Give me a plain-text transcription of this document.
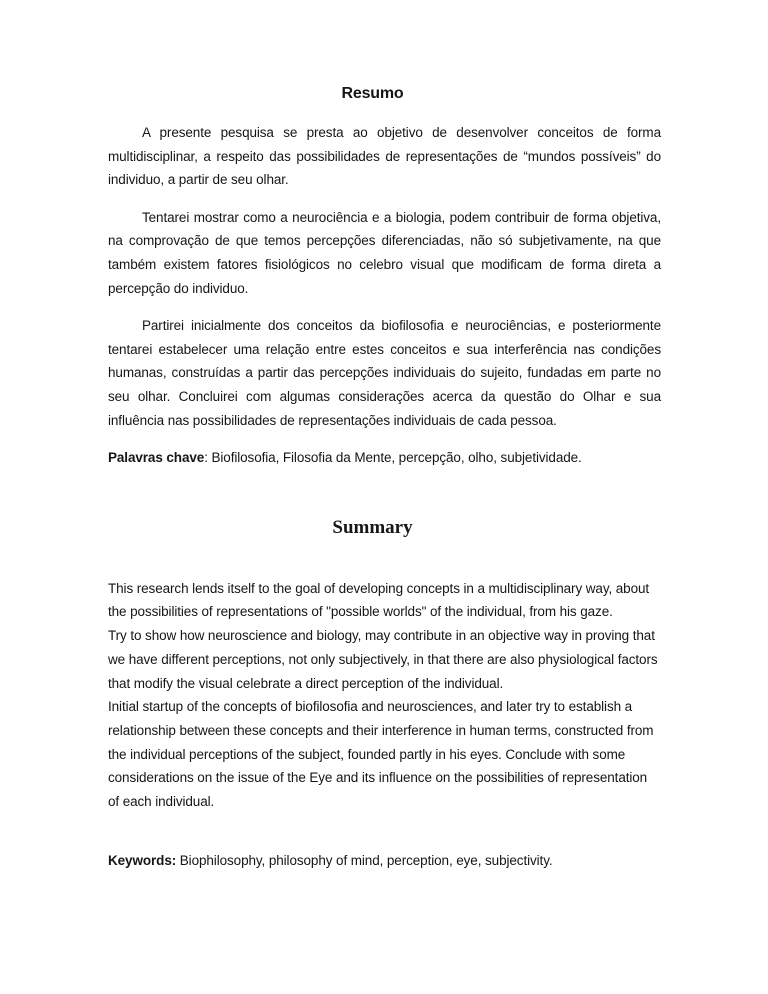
Resumo

A presente pesquisa se presta ao objetivo de desenvolver conceitos de forma multidisciplinar, a respeito das possibilidades de representações de “mundos possíveis” do individuo, a partir de seu olhar.

Tentarei mostrar como a neurociência e a biologia, podem contribuir de forma objetiva, na comprovação de que temos percepções diferenciadas, não só subjetivamente, na que também existem fatores fisiológicos no celebro visual que modificam de forma direta a percepção do individuo.

Partirei inicialmente dos conceitos da biofilosofia e neurociências, e posteriormente tentarei estabelecer uma relação entre estes conceitos e sua interferência nas condições humanas, construídas a partir das percepções individuais do sujeito, fundadas em parte no seu olhar. Concluirei com algumas considerações acerca da questão do Olhar e sua influência nas possibilidades de representações individuais de cada pessoa.

Palavras chave: Biofilosofia, Filosofia da Mente, percepção, olho, subjetividade.

Summary

This research lends itself to the goal of developing concepts in a multidisciplinary way, about the possibilities of representations of "possible worlds" of the individual, from his gaze.

Try to show how neuroscience and biology, may contribute in an objective way in proving that we have different perceptions, not only subjectively, in that there are also physiological factors that modify the visual celebrate a direct perception of the individual.

Initial startup of the concepts of biofilosofia and neurosciences, and later try to establish a relationship between these concepts and their interference in human terms, constructed from the individual perceptions of the subject, founded partly in his eyes. Conclude with some considerations on the issue of the Eye and its influence on the possibilities of representation of each individual.

Keywords: Biophilosophy, philosophy of mind, perception, eye, subjectivity.
